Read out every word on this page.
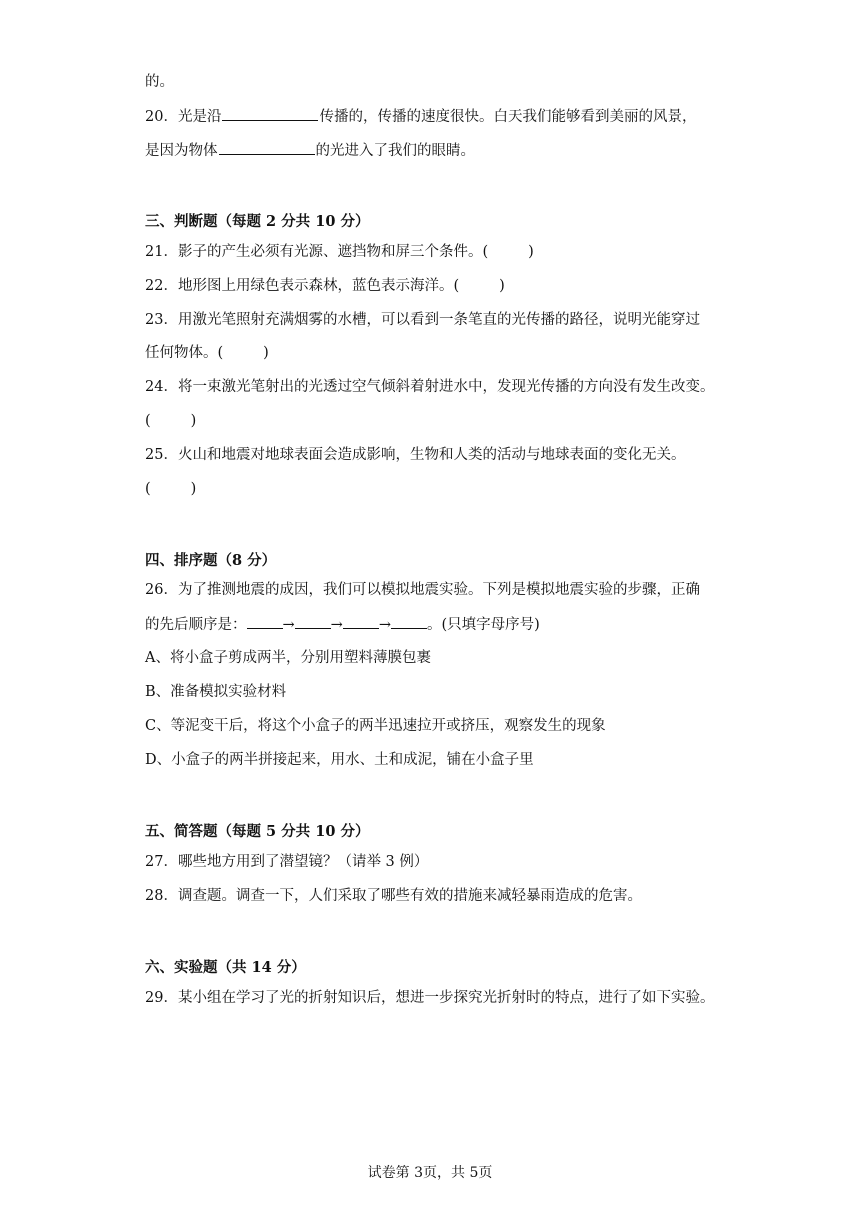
的。
20．光是沿	传播的，传播的速度很快。白天我们能够看到美丽的风景，
是因为物体	的光进入了我们的眼睛。
三、判断题（每题 2 分共 10 分）
21．影子的产生必须有光源、遮挡物和屏三个条件。(	)
22．地形图上用绿色表示森林，蓝色表示海洋。(	)
23．用激光笔照射充满烟雾的水槽，可以看到一条笔直的光传播的路径，说明光能穿过
任何物体。(	)
24．将一束激光笔射出的光透过空气倾斜着射进水中，发现光传播的方向没有发生改变。
(	)
25．火山和地震对地球表面会造成影响，生物和人类的活动与地球表面的变化无关。
(	)
四、排序题（8 分）
26．为了推测地震的成因，我们可以模拟地震实验。下列是模拟地震实验的步骤，正确
的先后顺序是： → → → 。(只填字母序号)
A、将小盒子剪成两半，分别用塑料薄膜包裹
B、准备模拟实验材料
C、等泥变干后，将这个小盒子的两半迅速拉开或挤压，观察发生的现象
D、小盒子的两半拼接起来，用水、土和成泥，铺在小盒子里
五、简答题（每题 5 分共 10 分）
27．哪些地方用到了潜望镜？（请举 3 例）
28．调查题。调查一下，人们采取了哪些有效的措施来减轻暴雨造成的危害。
六、实验题（共 14 分）
29．某小组在学习了光的折射知识后，想进一步探究光折射时的特点，进行了如下实验。
试卷第 3页，共 5页
